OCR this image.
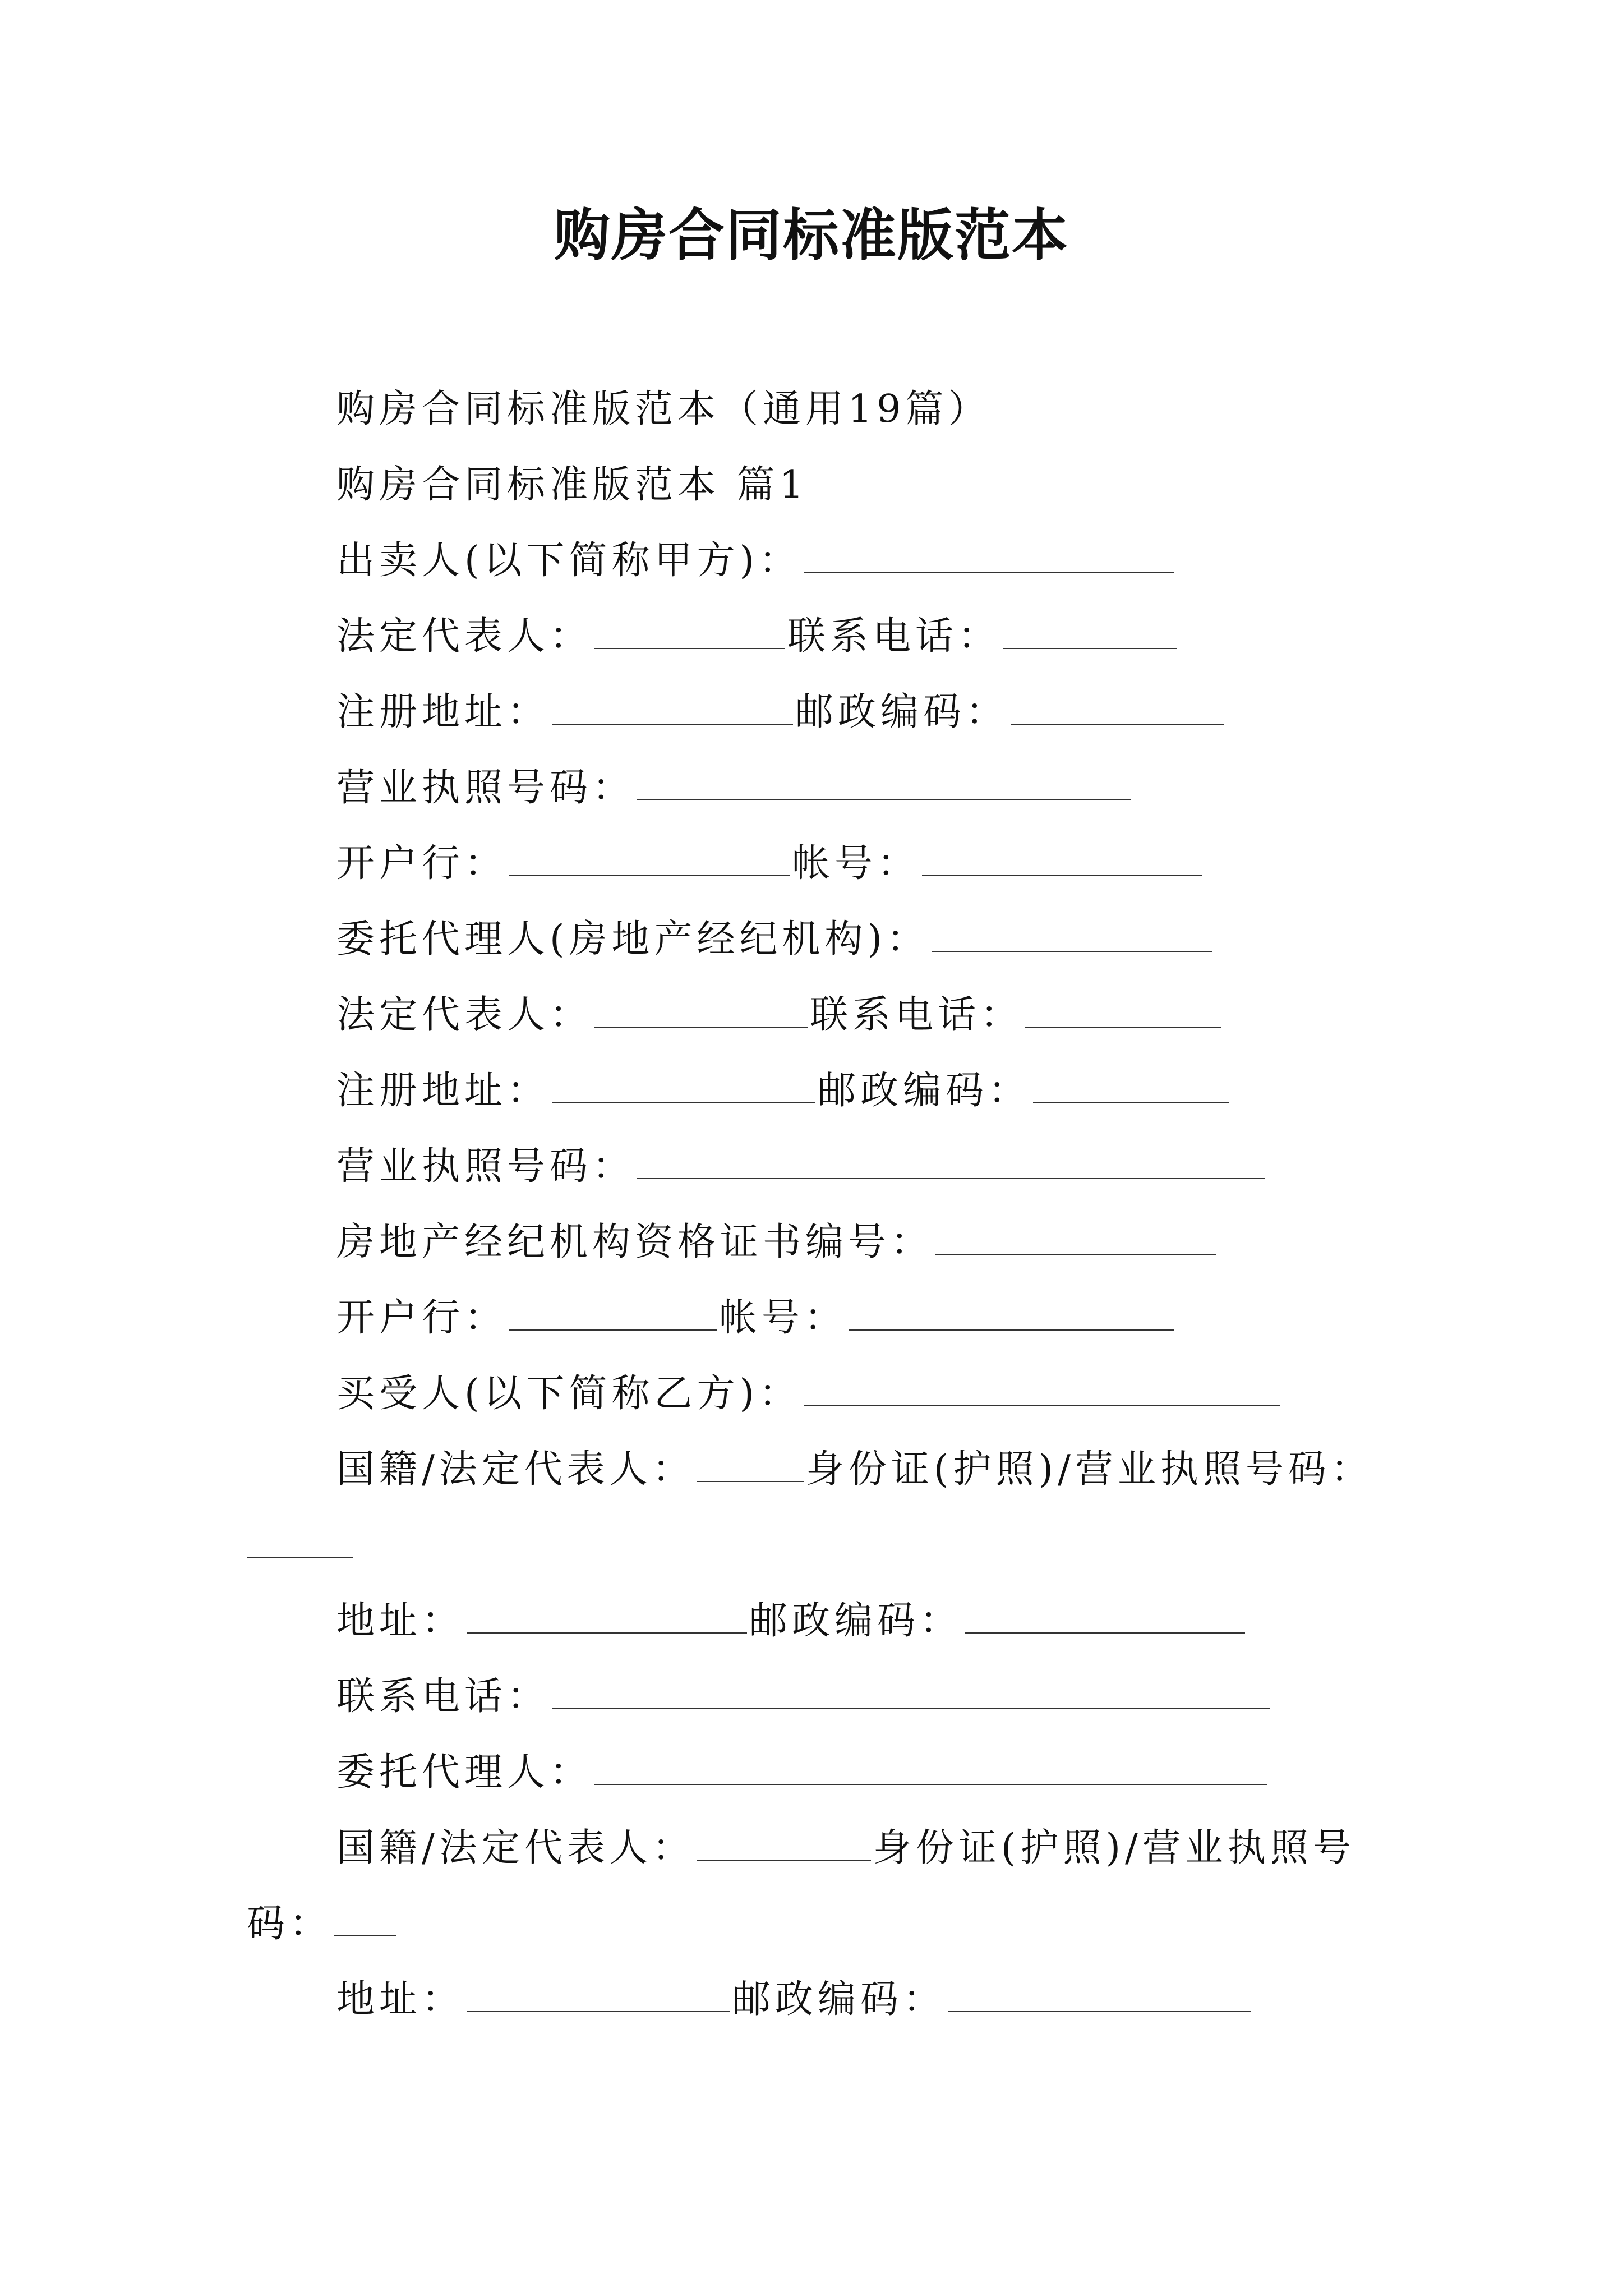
购房合同标准版范本
购房合同标准版范本（通用19篇）
购房合同标准版范本 篇1
出卖人(以下简称甲方)：
法定代表人：	联系电话：
注册地址：	邮政编码：
营业执照号码：
开户行：	帐号：
委托代理人(房地产经纪机构)：
法定代表人：	联系电话：
注册地址：	邮政编码：
营业执照号码：
房地产经纪机构资格证书编号：
开户行：	帐号：
买受人(以下简称乙方)：
国籍/法定代表人：	身份证(护照)/营业执照号码：
地址：	邮政编码：
联系电话：
委托代理人：
国籍/法定代表人：	身份证(护照)/营业执照号
码：
地址：	邮政编码：
